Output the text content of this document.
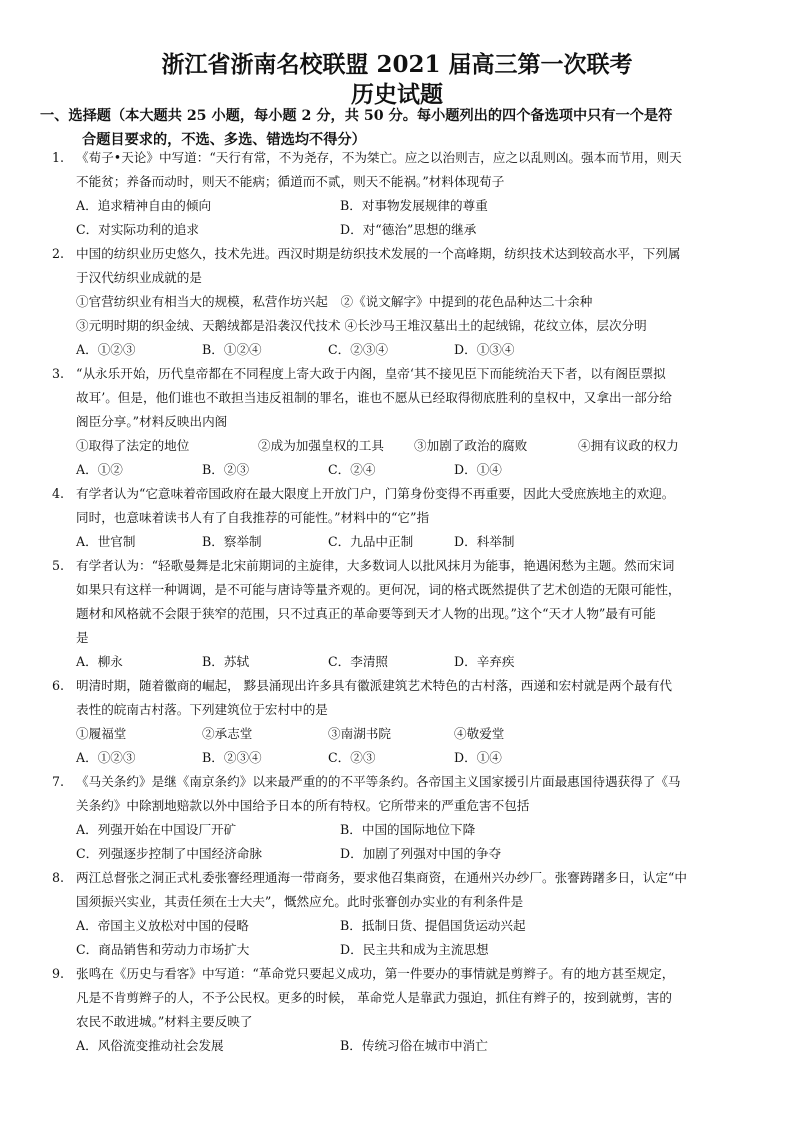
浙江省浙南名校联盟 2021 届高三第一次联考
历史试题
一、选择题（本大题共 25 小题，每小题 2 分，共 50 分。每小题列出的四个备选项中只有一个是符
合题目要求的，不选、多选、错选均不得分）
1. 《荀子•天论》中写道：“天行有常，不为尧存，不为桀亡。应之以治则吉，应之以乱则凶。强本而节用，则天
不能贫；养备而动时，则天不能病；循道而不贰，则天不能祸。”材料体现荀子
A．追求精神自由的倾向	B．对事物发展规律的尊重
C．对实际功利的追求	D．对“德治”思想的继承
2. 中国的纺织业历史悠久，技术先进。西汉时期是纺织技术发展的一个高峰期，纺织技术达到较高水平，下列属
于汉代纺织业成就的是
①官营纺织业有相当大的规模，私营作坊兴起　②《说文解字》中提到的花色品种达二十余种
③元明时期的织金绒、天鹅绒都是沿袭汉代技术 ④长沙马王堆汉墓出土的起绒锦，花纹立体，层次分明
A．①②③	B．①②④	C．②③④	D．①③④
3. “从永乐开始，历代皇帝都在不同程度上寄大政于内阁，皇帝‘其不接见臣下而能统治天下者，以有阁臣票拟
故耳’。但是，他们谁也不敢担当违反祖制的罪名，谁也不愿从已经取得彻底胜利的皇权中，又拿出一部分给
阁臣分享。”材料反映出内阁
①取得了法定的地位	②成为加强皇权的工具 ③加剧了政治的腐败	④拥有议政的权力
A．①②	B．②③	C．②④	D．①④
4. 有学者认为“它意味着帝国政府在最大限度上开放门户，门第身份变得不再重要，因此大受庶族地主的欢迎。
同时，也意味着读书人有了自我推荐的可能性。”材料中的“它”指
A．世官制	B．察举制	C．九品中正制	D．科举制
5. 有学者认为：“轻歌曼舞是北宋前期词的主旋律，大多数词人以批风抹月为能事，艳遇闲愁为主题。然而宋词
如果只有这样一种调调，是不可能与唐诗等量齐观的。更何况，词的格式既然提供了艺术创造的无限可能性，
题材和风格就不会限于狭窄的范围，只不过真正的革命要等到天才人物的出现。”这个“天才人物”最有可能
是
A．柳永	B．苏轼	C．李清照	D．辛弃疾
6. 明清时期，随着徽商的崛起， 黟县涌现出许多具有徽派建筑艺术特色的古村落，西递和宏村就是两个最有代
表性的皖南古村落。下列建筑位于宏村中的是
①履福堂	②承志堂	③南湖书院	④敬爱堂
A．①②③	B．②③④	C．②③	D．①④
7. 《马关条约》是继《南京条约》以来最严重的的不平等条约。各帝国主义国家援引片面最惠国待遇获得了《马
关条约》中除割地赔款以外中国给予日本的所有特权。它所带来的严重危害不包括
A．列强开始在中国设厂开矿	B．中国的国际地位下降
C．列强逐步控制了中国经济命脉	D．加剧了列强对中国的争夺
8. 两江总督张之洞正式札委张謇经理通海一带商务，要求他召集商资，在通州兴办纱厂。张謇踌躇多日，认定“中
国须振兴实业，其责任须在士大夫”，慨然应允。此时张謇创办实业的有利条件是
A．帝国主义放松对中国的侵略	B．抵制日货、提倡国货运动兴起
C．商品销售和劳动力市场扩大	D．民主共和成为主流思想
9. 张鸣在《历史与看客》中写道：“革命党只要起义成功，第一件要办的事情就是剪辫子。有的地方甚至规定，
凡是不肯剪辫子的人，不予公民权。更多的时候， 革命党人是靠武力强迫，抓住有辫子的，按到就剪，害的
农民不敢进城。”材料主要反映了
A．风俗流变推动社会发展	B．传统习俗在城市中消亡
